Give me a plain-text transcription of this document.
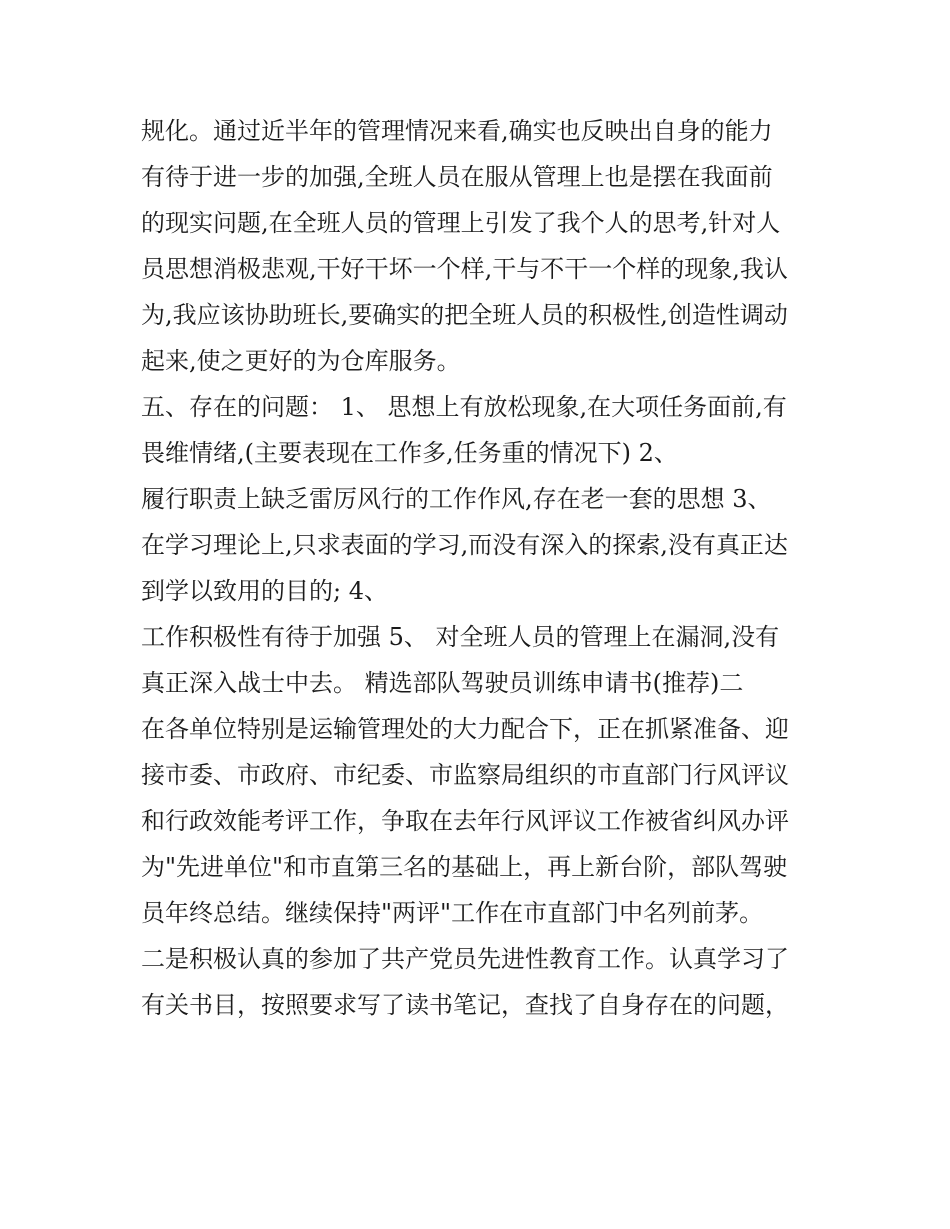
规化。通过近半年的管理情况来看,确实也反映出自身的能力
有待于进一步的加强,全班人员在服从管理上也是摆在我面前
的现实问题,在全班人员的管理上引发了我个人的思考,针对人
员思想消极悲观,干好干坏一个样,干与不干一个样的现象,我认
为,我应该协助班长,要确实的把全班人员的积极性,创造性调动
起来,使之更好的为仓库服务。
五、存在的问题： 1、 思想上有放松现象,在大项任务面前,有
畏维情绪,(主要表现在工作多,任务重的情况下) 2、
履行职责上缺乏雷厉风行的工作作风,存在老一套的思想 3、
在学习理论上,只求表面的学习,而没有深入的探索,没有真正达
到学以致用的目的; 4、
工作积极性有待于加强 5、 对全班人员的管理上在漏洞,没有
真正深入战士中去。 精选部队驾驶员训练申请书(推荐)二
在各单位特别是运输管理处的大力配合下，正在抓紧准备、迎
接市委、市政府、市纪委、市监察局组织的市直部门行风评议
和行政效能考评工作，争取在去年行风评议工作被省纠风办评
为"先进单位"和市直第三名的基础上，再上新台阶，部队驾驶
员年终总结。继续保持"两评"工作在市直部门中名列前茅。
二是积极认真的参加了共产党员先进性教育工作。认真学习了
有关书目，按照要求写了读书笔记，查找了自身存在的问题，
